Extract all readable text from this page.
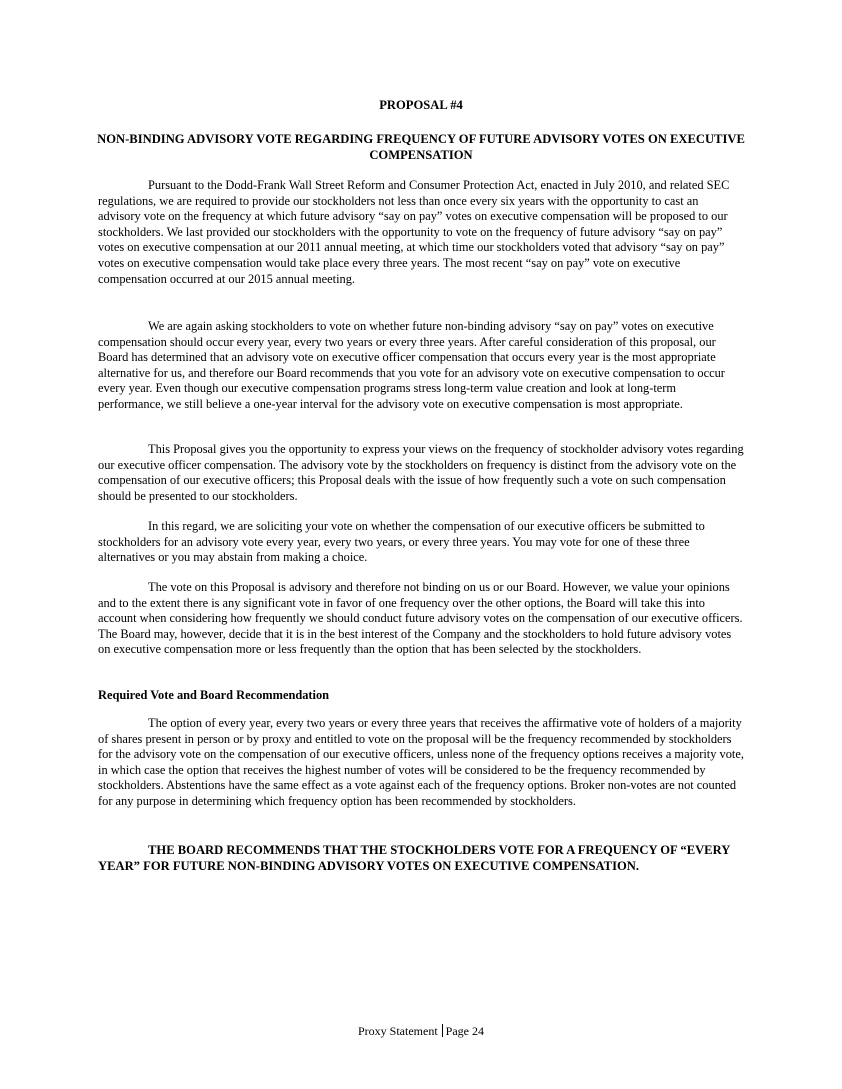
PROPOSAL #4
NON-BINDING ADVISORY VOTE REGARDING FREQUENCY OF FUTURE ADVISORY VOTES ON EXECUTIVE COMPENSATION

Pursuant to the Dodd-Frank Wall Street Reform and Consumer Protection Act, enacted in July 2010, and related SEC regulations, we are required to provide our stockholders not less than once every six years with the opportunity to cast an advisory vote on the frequency at which future advisory “say on pay” votes on executive compensation will be proposed to our stockholders. We last provided our stockholders with the opportunity to vote on the frequency of future advisory “say on pay” votes on executive compensation at our 2011 annual meeting, at which time our stockholders voted that advisory “say on pay” votes on executive compensation would take place every three years. The most recent “say on pay” vote on executive compensation occurred at our 2015 annual meeting.

We are again asking stockholders to vote on whether future non-binding advisory “say on pay” votes on executive compensation should occur every year, every two years or every three years. After careful consideration of this proposal, our Board has determined that an advisory vote on executive officer compensation that occurs every year is the most appropriate alternative for us, and therefore our Board recommends that you vote for an advisory vote on executive compensation to occur every year. Even though our executive compensation programs stress long-term value creation and look at long-term performance, we still believe a one-year interval for the advisory vote on executive compensation is most appropriate.

This Proposal gives you the opportunity to express your views on the frequency of stockholder advisory votes regarding our executive officer compensation. The advisory vote by the stockholders on frequency is distinct from the advisory vote on the compensation of our executive officers; this Proposal deals with the issue of how frequently such a vote on such compensation should be presented to our stockholders.

In this regard, we are soliciting your vote on whether the compensation of our executive officers be submitted to stockholders for an advisory vote every year, every two years, or every three years. You may vote for one of these three alternatives or you may abstain from making a choice.

The vote on this Proposal is advisory and therefore not binding on us or our Board. However, we value your opinions and to the extent there is any significant vote in favor of one frequency over the other options, the Board will take this into account when considering how frequently we should conduct future advisory votes on the compensation of our executive officers. The Board may, however, decide that it is in the best interest of the Company and the stockholders to hold future advisory votes on executive compensation more or less frequently than the option that has been selected by the stockholders.

Required Vote and Board Recommendation

The option of every year, every two years or every three years that receives the affirmative vote of holders of a majority of shares present in person or by proxy and entitled to vote on the proposal will be the frequency recommended by stockholders for the advisory vote on the compensation of our executive officers, unless none of the frequency options receives a majority vote, in which case the option that receives the highest number of votes will be considered to be the frequency recommended by stockholders. Abstentions have the same effect as a vote against each of the frequency options. Broker non-votes are not counted for any purpose in determining which frequency option has been recommended by stockholders.

THE BOARD RECOMMENDS THAT THE STOCKHOLDERS VOTE FOR A FREQUENCY OF “EVERY YEAR” FOR FUTURE NON-BINDING ADVISORY VOTES ON EXECUTIVE COMPENSATION.

Proxy Statement Page 24
